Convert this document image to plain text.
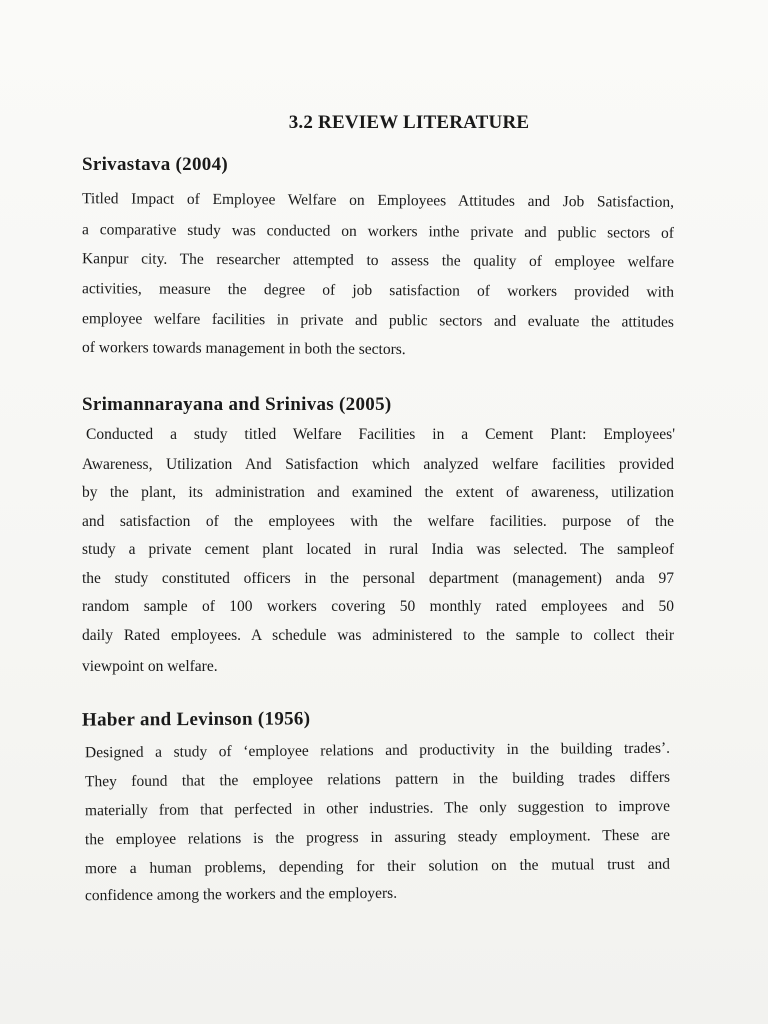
3.2 REVIEW LITERATURE
Srivastava (2004)
Titled Impact of Employee Welfare on Employees Attitudes and Job Satisfaction,
a comparative study was conducted on workers inthe private and public sectors of
Kanpur city. The researcher attempted to assess the quality of employee welfare
activities, measure the degree of job satisfaction of workers provided with
employee welfare facilities in private and public sectors and evaluate the attitudes
of workers towards management in both the sectors.
Srimannarayana and Srinivas (2005)
Conducted a study titled Welfare Facilities in a Cement Plant: Employees'
Awareness, Utilization And Satisfaction which analyzed welfare facilities provided
by the plant, its administration and examined the extent of awareness, utilization
and satisfaction of the employees with the welfare facilities. purpose of the
study a private cement plant located in rural India was selected. The sampleof
the study constituted officers in the personal department (management) anda 97
random sample of 100 workers covering 50 monthly rated employees and 50
daily Rated employees. A schedule was administered to the sample to collect their
viewpoint on welfare.
Haber and Levinson (1956)
Designed a study of ‘employee relations and productivity in the building trades’.
They found that the employee relations pattern in the building trades differs
materially from that perfected in other industries. The only suggestion to improve
the employee relations is the progress in assuring steady employment. These are
more a human problems, depending for their solution on the mutual trust and
confidence among the workers and the employers.
